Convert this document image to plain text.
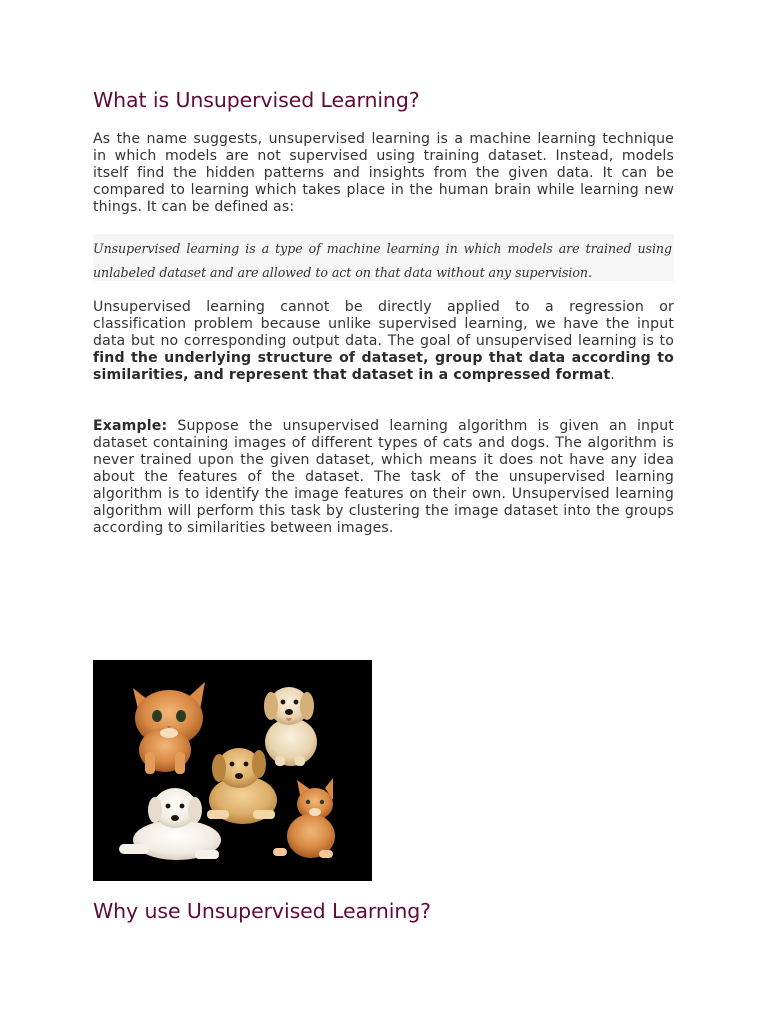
What is Unsupervised Learning?

As the name suggests, unsupervised learning is a machine learning technique in which models are not supervised using training dataset. Instead, models itself find the hidden patterns and insights from the given data. It can be compared to learning which takes place in the human brain while learning new things. It can be defined as:

Unsupervised learning is a type of machine learning in which models are trained using unlabeled dataset and are allowed to act on that data without any supervision.

Unsupervised learning cannot be directly applied to a regression or classification problem because unlike supervised learning, we have the input data but no corresponding output data. The goal of unsupervised learning is to find the underlying structure of dataset, group that data according to similarities, and represent that dataset in a compressed format.

Example: Suppose the unsupervised learning algorithm is given an input dataset containing images of different types of cats and dogs. The algorithm is never trained upon the given dataset, which means it does not have any idea about the features of the dataset. The task of the unsupervised learning algorithm is to identify the image features on their own. Unsupervised learning algorithm will perform this task by clustering the image dataset into the groups according to similarities between images.

Why use Unsupervised Learning?
